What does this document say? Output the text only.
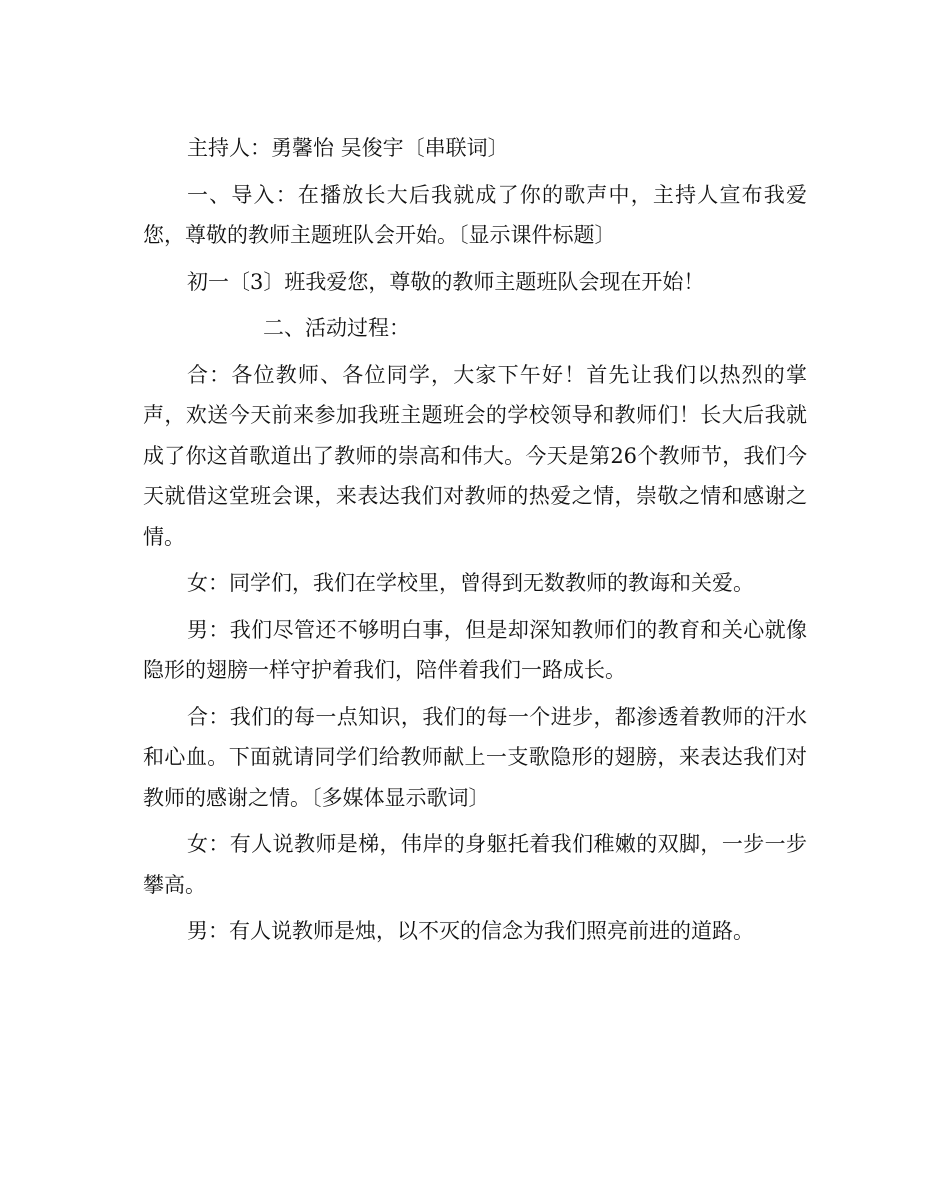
主持人：勇馨怡 吴俊宇〔串联词〕

一、导入：在播放长大后我就成了你的歌声中，主持人宣布我爱您，尊敬的教师主题班队会开始。〔显示课件标题〕

初一〔3〕班我爱您，尊敬的教师主题班队会现在开始！

二、活动过程：

合：各位教师、各位同学，大家下午好！首先让我们以热烈的掌声，欢送今天前来参加我班主题班会的学校领导和教师们！长大后我就成了你这首歌道出了教师的崇高和伟大。今天是第26个教师节，我们今天就借这堂班会课，来表达我们对教师的热爱之情，崇敬之情和感谢之情。

女：同学们，我们在学校里，曾得到无数教师的教诲和关爱。

男：我们尽管还不够明白事，但是却深知教师们的教育和关心就像隐形的翅膀一样守护着我们，陪伴着我们一路成长。

合：我们的每一点知识，我们的每一个进步，都渗透着教师的汗水和心血。下面就请同学们给教师献上一支歌隐形的翅膀，来表达我们对教师的感谢之情。〔多媒体显示歌词〕

女：有人说教师是梯，伟岸的身躯托着我们稚嫩的双脚，一步一步攀高。

男：有人说教师是烛，以不灭的信念为我们照亮前进的道路。
